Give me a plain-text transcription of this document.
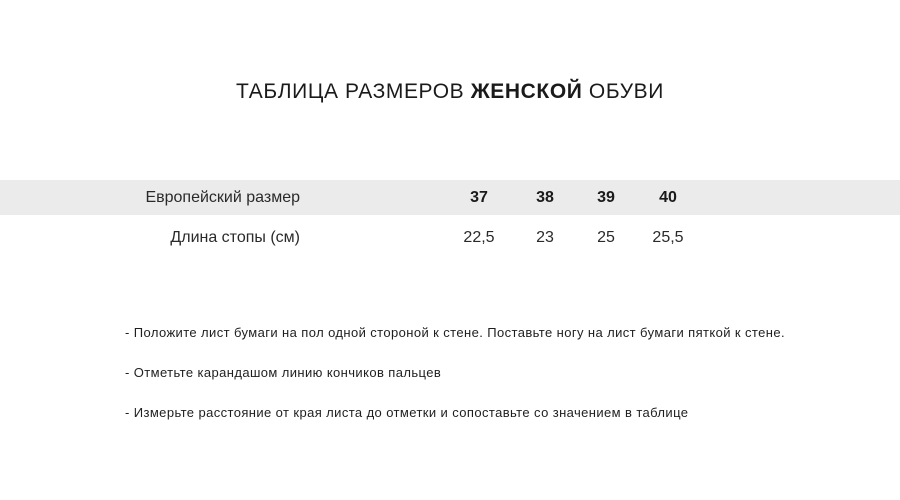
ТАБЛИЦА РАЗМЕРОВ ЖЕНСКОЙ ОБУВИ
Европейский размер	37	38	39	40
Длина стопы (см)	22,5	23	25	25,5
- Положите лист бумаги на пол одной стороной к стене. Поставьте ногу на лист бумаги пяткой к стене.
- Отметьте карандашом линию кончиков пальцев
- Измерьте расстояние от края листа до отметки и сопоставьте со значением в таблице
